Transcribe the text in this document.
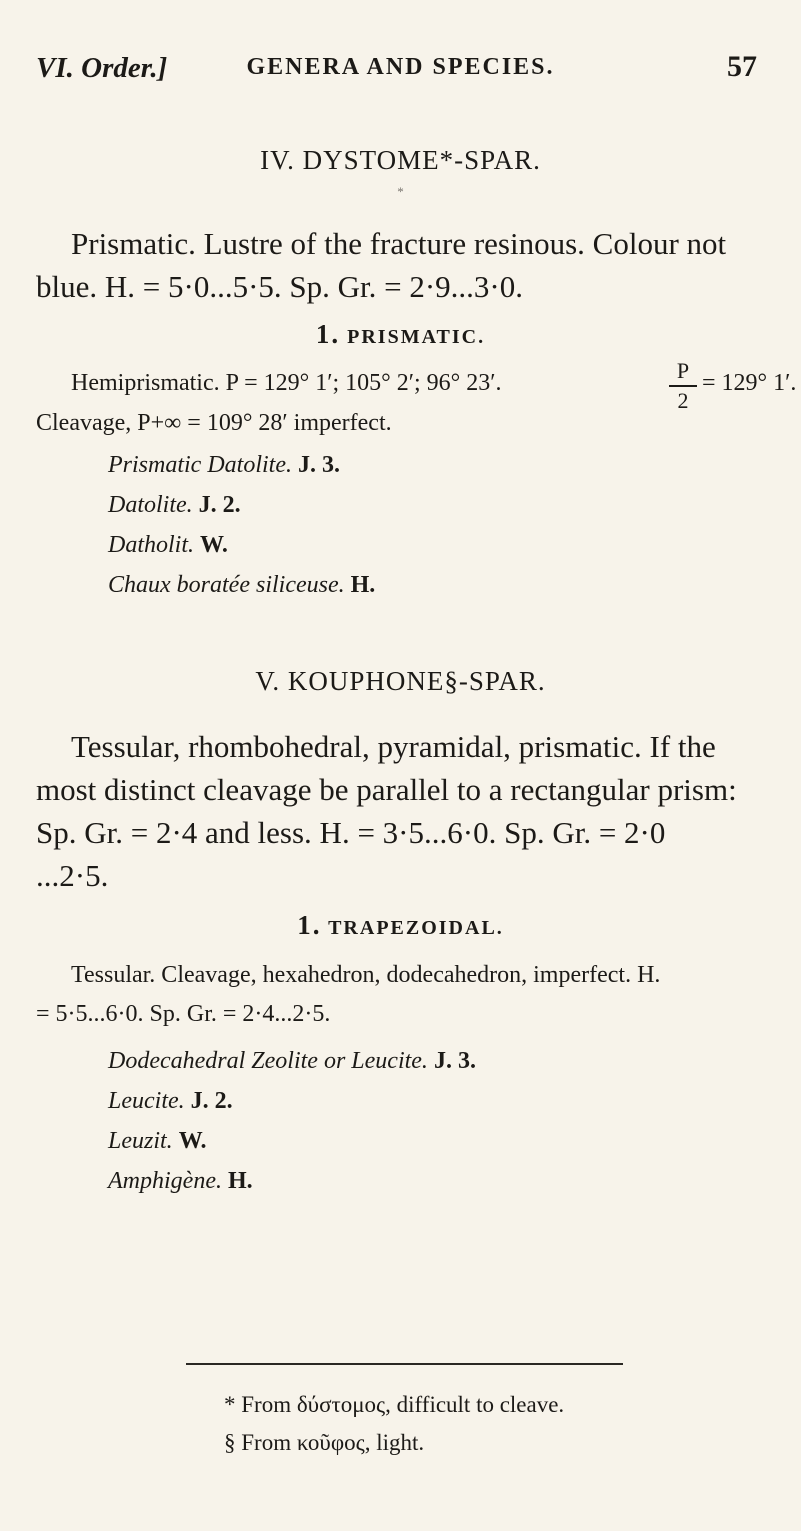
VI. Order.]	GENERA AND SPECIES.	57
IV. DYSTOME*-SPAR.
*
Prismatic. Lustre of the fracture resinous. Colour not
blue. H. = 5·0...5·5. Sp. Gr. = 2·9...3·0.
1. PRISMATIC.
Hemiprismatic. P = 129° 1′; 105° 2′; 96° 23′.	P
2
= 129° 1′.
Cleavage, P+∞ = 109° 28′ imperfect.
Prismatic Datolite. J. 3.
Datolite. J. 2.
Datholit. W.
Chaux boratée siliceuse. H.
V. KOUPHONE§-SPAR.
Tessular, rhombohedral, pyramidal, prismatic. If the
most distinct cleavage be parallel to a rectangular prism:
Sp. Gr. = 2·4 and less. H. = 3·5...6·0. Sp. Gr. = 2·0
...2·5.
1. TRAPEZOIDAL.
Tessular. Cleavage, hexahedron, dodecahedron, imperfect. H.
= 5·5...6·0. Sp. Gr. = 2·4...2·5.
Dodecahedral Zeolite or Leucite. J. 3.
Leucite. J. 2.
Leuzit. W.
Amphigène. H.
* From δύστομος, difficult to cleave.
§ From κοῦφος, light.
